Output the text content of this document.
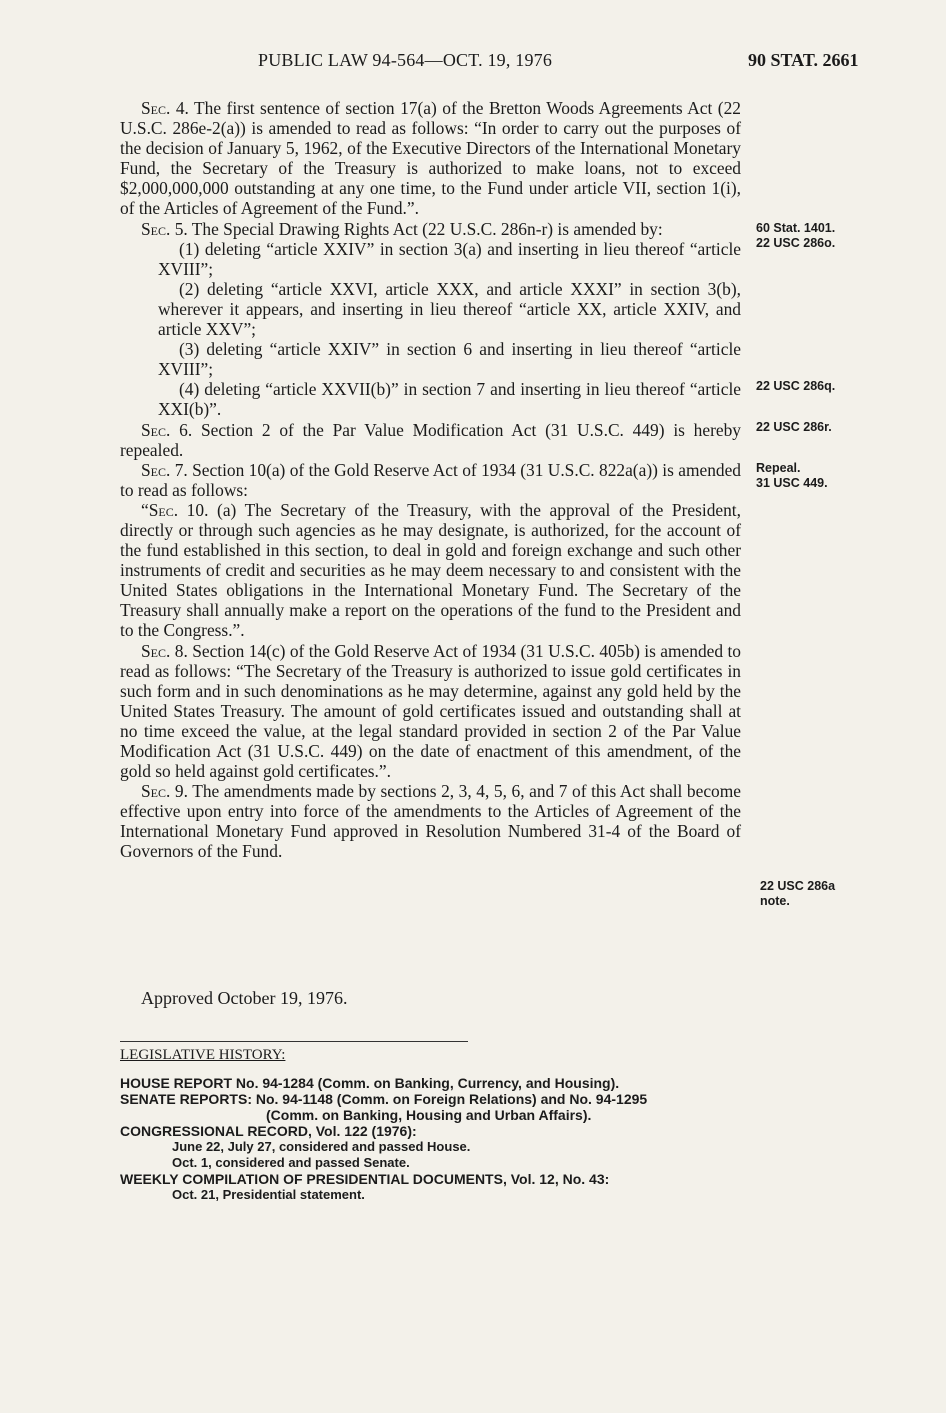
PUBLIC LAW 94-564—OCT. 19, 1976	90 STAT. 2661

Sec. 4. The first sentence of section 17(a) of the Bretton Woods Agreements Act (22 U.S.C. 286e-2(a)) is amended to read as follows: “In order to carry out the purposes of the decision of January 5, 1962, of the Executive Directors of the International Monetary Fund, the Secretary of the Treasury is authorized to make loans, not to exceed $2,000,000,000 outstanding at any one time, to the Fund under article VII, section 1(i), of the Articles of Agreement of the Fund.”.

Sec. 5. The Special Drawing Rights Act (22 U.S.C. 286n-r) is amended by:

(1) deleting “article XXIV” in section 3(a) and inserting in lieu thereof “article XVIII”;

(2) deleting “article XXVI, article XXX, and article XXXI” in section 3(b), wherever it appears, and inserting in lieu thereof “article XX, article XXIV, and article XXV”;

(3) deleting “article XXIV” in section 6 and inserting in lieu thereof “article XVIII”;

(4) deleting “article XXVII(b)” in section 7 and inserting in lieu thereof “article XXI(b)”.

Sec. 6. Section 2 of the Par Value Modification Act (31 U.S.C. 449) is hereby repealed.

Sec. 7. Section 10(a) of the Gold Reserve Act of 1934 (31 U.S.C. 822a(a)) is amended to read as follows:

“Sec. 10. (a) The Secretary of the Treasury, with the approval of the President, directly or through such agencies as he may designate, is authorized, for the account of the fund established in this section, to deal in gold and foreign exchange and such other instruments of credit and securities as he may deem necessary to and consistent with the United States obligations in the International Monetary Fund. The Secretary of the Treasury shall annually make a report on the operations of the fund to the President and to the Congress.”.

Sec. 8. Section 14(c) of the Gold Reserve Act of 1934 (31 U.S.C. 405b) is amended to read as follows: “The Secretary of the Treasury is authorized to issue gold certificates in such form and in such denominations as he may determine, against any gold held by the United States Treasury. The amount of gold certificates issued and outstanding shall at no time exceed the value, at the legal standard provided in section 2 of the Par Value Modification Act (31 U.S.C. 449) on the date of enactment of this amendment, of the gold so held against gold certificates.”.

Sec. 9. The amendments made by sections 2, 3, 4, 5, 6, and 7 of this Act shall become effective upon entry into force of the amendments to the Articles of Agreement of the International Monetary Fund approved in Resolution Numbered 31-4 of the Board of Governors of the Fund.

Approved October 19, 1976.

LEGISLATIVE HISTORY:

HOUSE REPORT No. 94-1284 (Comm. on Banking, Currency, and Housing).

SENATE REPORTS: No. 94-1148 (Comm. on Foreign Relations) and No. 94-1295

(Comm. on Banking, Housing and Urban Affairs).

CONGRESSIONAL RECORD, Vol. 122 (1976):

June 22, July 27, considered and passed House.

Oct. 1, considered and passed Senate.

WEEKLY COMPILATION OF PRESIDENTIAL DOCUMENTS, Vol. 12, No. 43:

Oct. 21, Presidential statement.

60 Stat. 1401.
22 USC 286o.
22 USC 286q.
22 USC 286r.
Repeal.
31 USC 449.
22 USC 286a
note.
